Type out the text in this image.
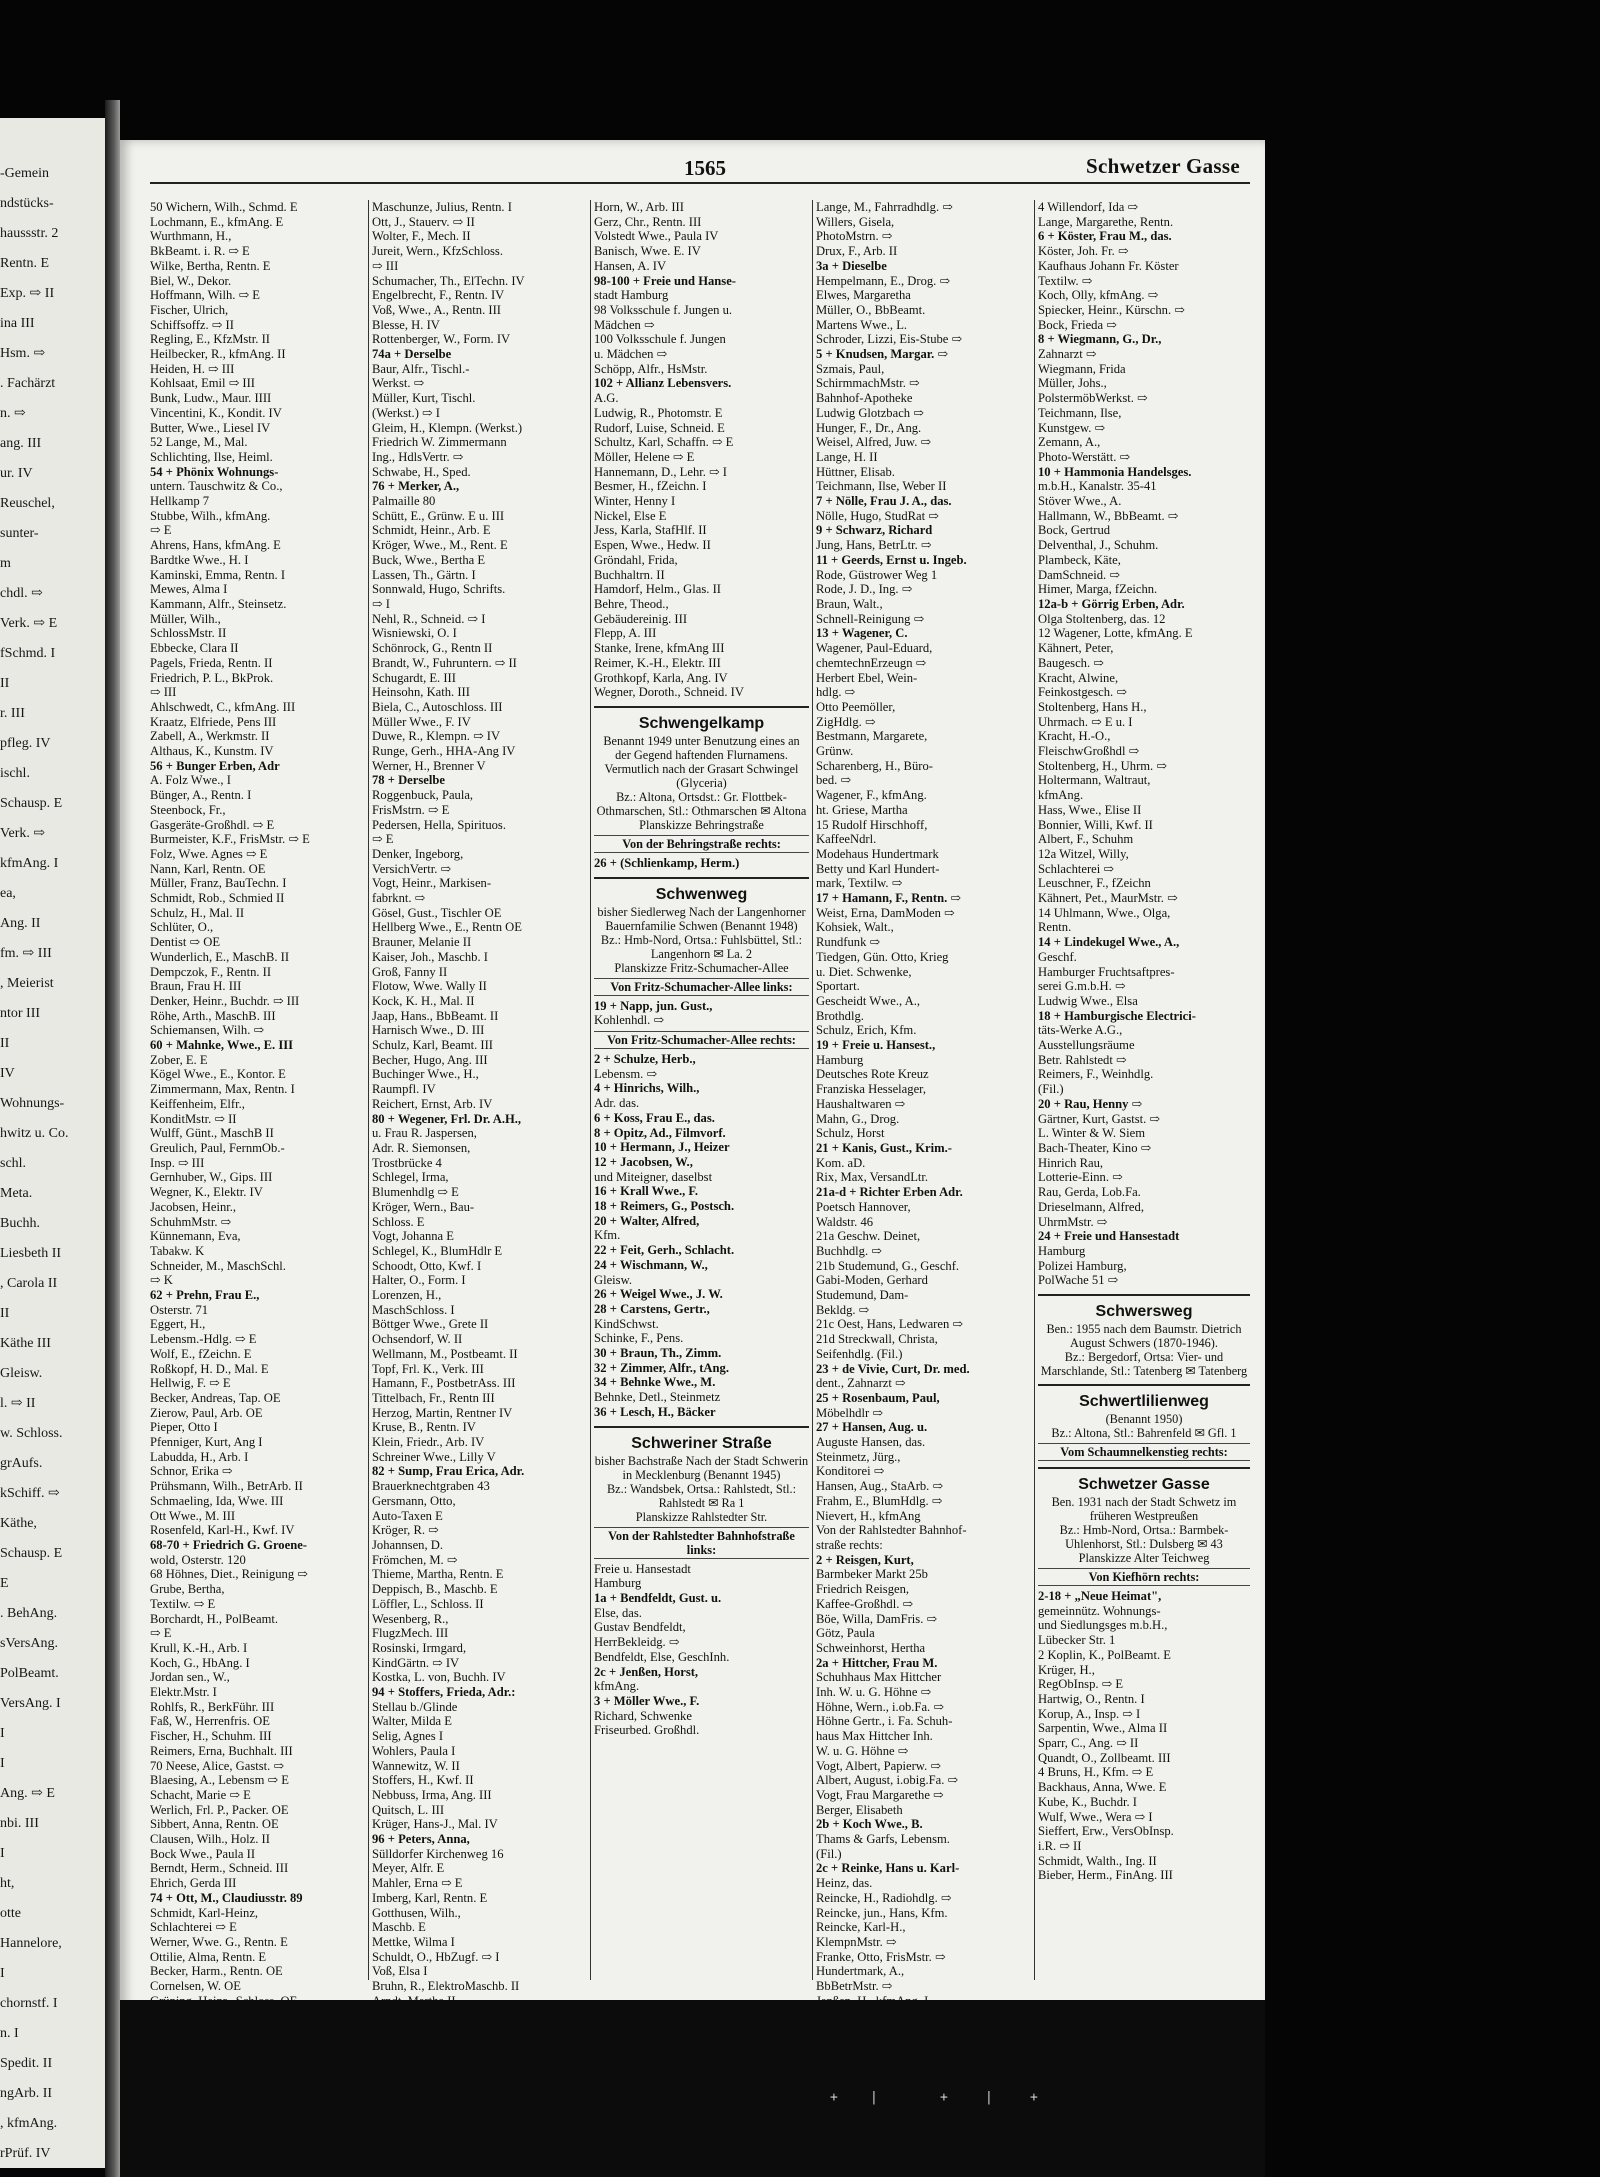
-Gemein
ndstücks-
haussstr. 2
Rentn. E
Exp. ⇨ II
ina III
Hsm. ⇨
. Fachärzt
n. ⇨
ang. III
ur. IV
Reuschel,
sunter-
m
chdl. ⇨
Verk. ⇨ E
fSchmd. I
II
r. III
pfleg. IV
ischl.
Schausp. E
Verk. ⇨
kfmAng. I
ea,
Ang. II
fm. ⇨ III
, Meierist
ntor III
II
IV
Wohnungs-
hwitz u. Co.
schl.
Meta.
Buchh.
Liesbeth II
, Carola II
II
Käthe III
Gleisw.
l. ⇨ II
w. Schloss.
grAufs.
kSchiff. ⇨
Käthe,
Schausp. E
E
. BehAng.
sVersAng.
PolBeamt.
VersAng. I
I
I
Ang. ⇨ E
nbi. III
I
ht,
otte
Hannelore,
I
chornstf. I
n. I
Spedit. II
ngArb. II
, kfmAng.
rPrüf. IV
1565	Schwetzer Gasse
50 Wichern, Wilh., Schmd. E
Lochmann, E., kfmAng. E
Wurthmann, H.,
BkBeamt. i. R. ⇨ E
Wilke, Bertha, Rentn. E
Biel, W., Dekor.
Hoffmann, Wilh. ⇨ E
Fischer, Ulrich,
Schiffsoffz. ⇨ II
Regling, E., KfzMstr. II
Heilbecker, R., kfmAng. II
Heiden, H. ⇨ III
Kohlsaat, Emil ⇨ III
Bunk, Ludw., Maur. IIII
Vincentini, K., Kondit. IV
Butter, Wwe., Liesel IV
52 Lange, M., Mal.
Schlichting, Ilse, Heiml.
54 + Phönix Wohnungs-
untern. Tauschwitz & Co.,
Hellkamp 7
Stubbe, Wilh., kfmAng.
⇨ E
Ahrens, Hans, kfmAng. E
Bardtke Wwe., H. I
Kaminski, Emma, Rentn. I
Mewes, Alma I
Kammann, Alfr., Steinsetz.
Müller, Wilh.,
SchlossMstr. II
Ebbecke, Clara II
Pagels, Frieda, Rentn. II
Friedrich, P. L., BkProk.
⇨ III
Ahlschwedt, C., kfmAng. III
Kraatz, Elfriede, Pens III
Zabell, A., Werkmstr. II
Althaus, K., Kunstm. IV
56 + Bunger Erben, Adr
A. Folz Wwe., I
Bünger, A., Rentn. I
Steenbock, Fr.,
Gasgeräte-Großhdl. ⇨ E
Burmeister, K.F., FrisMstr. ⇨ E
Folz, Wwe. Agnes ⇨ E
Nann, Karl, Rentn. OE
Müller, Franz, BauTechn. I
Schmidt, Rob., Schmied II
Schulz, H., Mal. II
Schlüter, O.,
Dentist ⇨ OE
Wunderlich, E., MaschB. II
Dempczok, F., Rentn. II
Braun, Frau H. III
Denker, Heinr., Buchdr. ⇨ III
Röhe, Arth., MaschB. III
Schiemansen, Wilh. ⇨
60 + Mahnke, Wwe., E. III
Zober, E. E
Kögel Wwe., E., Kontor. E
Zimmermann, Max, Rentn. I
Keiffenheim, Elfr.,
KonditMstr. ⇨ II
Wulff, Günt., MaschB II
Greulich, Paul, FernmOb.-
Insp. ⇨ III
Gernhuber, W., Gips. III
Wegner, K., Elektr. IV
Jacobsen, Heinr.,
SchuhmMstr. ⇨
Künnemann, Eva,
Tabakw. K
Schneider, M., MaschSchl.
⇨ K
62 + Prehn, Frau E.,
Osterstr. 71
Eggert, H.,
Lebensm.-Hdlg. ⇨ E
Wolf, E., fZeichn. E
Roßkopf, H. D., Mal. E
Hellwig, F. ⇨ E
Becker, Andreas, Tap. OE
Zierow, Paul, Arb. OE
Pieper, Otto I
Pfenniger, Kurt, Ang I
Labudda, H., Arb. I
Schnor, Erika ⇨
Prühsmann, Wilh., BetrArb. II
Schmaeling, Ida, Wwe. III
Ott Wwe., M. III
Rosenfeld, Karl-H., Kwf. IV
68-70 + Friedrich G. Groene-
wold, Osterstr. 120
68 Höhnes, Diet., Reinigung ⇨
Grube, Bertha,
Textilw. ⇨ E
Borchardt, H., PolBeamt.
⇨ E
Krull, K.-H., Arb. I
Koch, G., HbAng. I
Jordan sen., W.,
Elektr.Mstr. I
Rohlfs, R., BerkFühr. III
Faß, W., Herrenfris. OE
Fischer, H., Schuhm. III
Reimers, Erna, Buchhalt. III
70 Neese, Alice, Gastst. ⇨
Blaesing, A., Lebensm ⇨ E
Schacht, Marie ⇨ E
Werlich, Frl. P., Packer. OE
Sibbert, Anna, Rentn. OE
Clausen, Wilh., Holz. II
Bock Wwe., Paula II
Berndt, Herm., Schneid. III
Ehrich, Gerda III
74 + Ott, M., Claudiusstr. 89
Schmidt, Karl-Heinz,
Schlachterei ⇨ E
Werner, Wwe. G., Rentn. E
Ottilie, Alma, Rentn. E
Becker, Harm., Rentn. OE
Cornelsen, W. OE
Maschunze, Julius, Rentn. I
Ott, J., Stauerv. ⇨ II
Wolter, F., Mech. II
Jureit, Wern., KfzSchloss.
⇨ III
Schumacher, Th., ElTechn. IV
Engelbrecht, F., Rentn. IV
Voß, Wwe., A., Rentn. III
Blesse, H. IV
Rottenberger, W., Form. IV
74a + Derselbe
Baur, Alfr., Tischl.-
Werkst. ⇨
Müller, Kurt, Tischl.
(Werkst.) ⇨ I
Gleim, H., Klempn. (Werkst.)
Friedrich W. Zimmermann
Ing., HdlsVertr. ⇨
Schwabe, H., Sped.
76 + Merker, A.,
Palmaille 80
Schütt, E., Grünw. E u. III
Schmidt, Heinr., Arb. E
Kröger, Wwe., M., Rent. E
Buck, Wwe., Bertha E
Lassen, Th., Gärtn. I
Sonnwald, Hugo, Schrifts.
⇨ I
Nehl, R., Schneid. ⇨ I
Wisniewski, O. I
Schönrock, G., Rentn II
Brandt, W., Fuhruntern. ⇨ II
Schugardt, E. III
Heinsohn, Kath. III
Biela, C., Autoschloss. III
Müller Wwe., F. IV
Duwe, R., Klempn. ⇨ IV
Runge, Gerh., HHA-Ang IV
Werner, H., Brenner V
78 + Derselbe
Roggenbuck, Paula,
FrisMstrn. ⇨ E
Pedersen, Hella, Spirituos.
⇨ E
Denker, Ingeborg,
VersichVertr. ⇨
Vogt, Heinr., Markisen-
fabrknt. ⇨
Gösel, Gust., Tischler OE
Hellberg Wwe., E., Rentn OE
Brauner, Melanie II
Kaiser, Joh., Maschb. I
Groß, Fanny II
Flotow, Wwe. Wally II
Kock, K. H., Mal. II
Jaap, Hans., BbBeamt. II
Harnisch Wwe., D. III
Schulz, Karl, Beamt. III
Becher, Hugo, Ang. III
Buchinger Wwe., H.,
Raumpfl. IV
Reichert, Ernst, Arb. IV
80 + Wegener, Frl. Dr. A.H.,
u. Frau R. Jaspersen,
Adr. R. Siemonsen,
Trostbrücke 4
Schlegel, Irma,
Blumenhdlg ⇨ E
Kröger, Wern., Bau-
Schloss. E
Vogt, Johanna E
Schlegel, K., BlumHdlr E
Schoodt, Otto, Kwf. I
Halter, O., Form. I
Lorenzen, H.,
MaschSchloss. I
Böttger Wwe., Grete II
Ochsendorf, W. II
Wellmann, M., Postbeamt. II
Topf, Frl. K., Verk. III
Hamann, F., PostbetrAss. III
Tittelbach, Fr., Rentn III
Herzog, Martin, Rentner IV
Kruse, B., Rentn. IV
Klein, Friedr., Arb. IV
Schreiner Wwe., Lilly V
82 + Sump, Frau Erica, Adr.
Brauerknechtgraben 43
Gersmann, Otto,
Auto-Taxen E
Kröger, R. ⇨
Johannsen, D.
Frömchen, M. ⇨
Thieme, Martha, Rentn. E
Deppisch, B., Maschb. E
Löffler, L., Schloss. II
Wesenberg, R.,
FlugzMech. III
Rosinski, Irmgard,
KindGärtn. ⇨ IV
Kostka, L. von, Buchh. IV
94 + Stoffers, Frieda, Adr.:
Stellau b./Glinde
Walter, Milda E
Selig, Agnes I
Wohlers, Paula I
Wannewitz, W. II
Stoffers, H., Kwf. II
Nebbuss, Irma, Ang. III
Quitsch, L. III
Krüger, Hans-J., Mal. IV
96 + Peters, Anna,
Sülldorfer Kirchenweg 16
Meyer, Alfr. E
Mahler, Erna ⇨ E
Imberg, Karl, Rentn. E
Gotthusen, Wilh.,
Maschb. E
Mettke, Wilma I
Schuldt, O., HbZugf. ⇨ I
Voß, Elsa I
Bruhn, R., ElektroMaschb. II
Horn, W., Arb. III
Gerz, Chr., Rentn. III
Volstedt Wwe., Paula IV
Banisch, Wwe. E. IV
Hansen, A. IV
98-100 + Freie und Hanse-
stadt Hamburg
98 Volksschule f. Jungen u.
Mädchen ⇨
100 Volksschule f. Jungen
u. Mädchen ⇨
Schöpp, Alfr., HsMstr.
102 + Allianz Lebensvers.
A.G.
Ludwig, R., Photomstr. E
Rudorf, Luise, Schneid. E
Schultz, Karl, Schaffn. ⇨ E
Möller, Helene ⇨ E
Hannemann, D., Lehr. ⇨ I
Besmer, H., fZeichn. I
Winter, Henny I
Nickel, Else E
Jess, Karla, StafHlf. II
Espen, Wwe., Hedw. II
Gröndahl, Frida,
Buchhaltrn. II
Hamdorf, Helm., Glas. II
Behre, Theod.,
Gebäudereinig. III
Flepp, A. III
Stanke, Irene, kfmAng III
Reimer, K.-H., Elektr. III
Grothkopf, Karla, Ang. IV
Wegner, Doroth., Schneid. IV
Schwengelkamp
Benannt 1949 unter Benutzung eines an der Gegend haftenden Flurnamens. Vermutlich nach der Grasart Schwingel (Glyceria)
Bz.: Altona, Ortsdst.: Gr. Flottbek-Othmarschen, Stl.: Othmarschen ✉ Altona
Planskizze Behringstraße
Von der Behringstraße rechts:
26 + (Schlienkamp, Herm.)
Schwenweg
bisher Siedlerweg Nach der Langenhorner Bauernfamilie Schwen (Benannt 1948)
Bz.: Hmb-Nord, Ortsa.: Fuhlsbüttel, Stl.: Langenhorn ✉ La. 2
Planskizze Fritz-Schumacher-Allee
Von Fritz-Schumacher-Allee links:
19 + Napp, jun. Gust.,
Kohlenhdl. ⇨
Von Fritz-Schumacher-Allee rechts:
2 + Schulze, Herb.,
Lebensm. ⇨
4 + Hinrichs, Wilh.,
Adr. das.
6 + Koss, Frau E., das.
8 + Opitz, Ad., Filmvorf.
10 + Hermann, J., Heizer
12 + Jacobsen, W.,
und Miteigner, daselbst
16 + Krall Wwe., F.
18 + Reimers, G., Postsch.
20 + Walter, Alfred,
Kfm.
22 + Feit, Gerh., Schlacht.
24 + Wischmann, W.,
Gleisw.
26 + Weigel Wwe., J. W.
28 + Carstens, Gertr.,
KindSchwst.
Schinke, F., Pens.
30 + Braun, Th., Zimm.
32 + Zimmer, Alfr., tAng.
34 + Behnke Wwe., M.
Behnke, Detl., Steinmetz
36 + Lesch, H., Bäcker
Schweriner Straße
bisher Bachstraße Nach der Stadt Schwerin in Mecklenburg (Benannt 1945)
Bz.: Wandsbek, Ortsa.: Rahlstedt, Stl.: Rahlstedt ✉ Ra 1
Planskizze Rahlstedter Str.
Von der Rahlstedter Bahnhofstraße links:
Freie u. Hansestadt
Hamburg
1a + Bendfeldt, Gust. u.
Else, das.
Gustav Bendfeldt,
HerrBekleidg. ⇨
Bendfeldt, Else, GeschInh.
2c + Jenßen, Horst,
kfmAng.
3 + Möller Wwe., F.
Richard, Schwenke
Friseurbed. Großhdl.
Lange, M., Fahrradhdlg. ⇨
Willers, Gisela,
PhotoMstrn. ⇨
Drux, F., Arb. II
3a + Dieselbe
Hempelmann, E., Drog. ⇨
Elwes, Margaretha
Müller, O., BbBeamt.
Martens Wwe., L.
Schroder, Lizzi, Eis-Stube ⇨
5 + Knudsen, Margar. ⇨
Szmais, Paul,
SchirmmachMstr. ⇨
Bahnhof-Apotheke
Ludwig Glotzbach ⇨
Hunger, F., Dr., Ang.
Weisel, Alfred, Juw. ⇨
Lange, H. II
Hüttner, Elisab.
Teichmann, Ilse, Weber II
7 + Nölle, Frau J. A., das.
Nölle, Hugo, StudRat ⇨
9 + Schwarz, Richard
Jung, Hans, BetrLtr. ⇨
11 + Geerds, Ernst u. Ingeb.
Rode, Güstrower Weg 1
Rode, J. D., Ing. ⇨
Braun, Walt.,
Schnell-Reinigung ⇨
13 + Wagener, C.
Wagener, Paul-Eduard,
chemtechnErzeugn ⇨
Herbert Ebel, Wein-
hdlg. ⇨
Otto Peemöller,
ZigHdlg. ⇨
Bestmann, Margarete,
Grünw.
Scharenberg, H., Büro-
bed. ⇨
Wagener, F., kfmAng.
ht. Griese, Martha
15 Rudolf Hirschhoff,
KaffeeNdrl.
Modehaus Hundertmark
Betty und Karl Hundert-
mark, Textilw. ⇨
17 + Hamann, F., Rentn. ⇨
Weist, Erna, DamModen ⇨
Kohsiek, Walt.,
Rundfunk ⇨
Tiedgen, Gün. Otto, Krieg
u. Diet. Schwenke,
Sportart.
Gescheidt Wwe., A.,
Brothdlg.
Schulz, Erich, Kfm.
19 + Freie u. Hansest.,
Hamburg
Deutsches Rote Kreuz
Franziska Hesselager,
Haushaltwaren ⇨
Mahn, G., Drog.
Schulz, Horst
21 + Kanis, Gust., Krim.-
Kom. aD.
Rix, Max, VersandLtr.
21a-d + Richter Erben Adr.
Poetsch Hannover,
Waldstr. 46
21a Geschw. Deinet,
Buchhdlg. ⇨
21b Studemund, G., Geschf.
Gabi-Moden, Gerhard
Studemund, Dam-
Bekldg. ⇨
21c Oest, Hans, Ledwaren ⇨
21d Streckwall, Christa,
Seifenhdlg. (Fil.)
23 + de Vivie, Curt, Dr. med.
dent., Zahnarzt ⇨
25 + Rosenbaum, Paul,
Möbelhdlr ⇨
27 + Hansen, Aug. u.
Auguste Hansen, das.
Steinmetz, Jürg.,
Konditorei ⇨
Hansen, Aug., StaArb. ⇨
Frahm, E., BlumHdlg. ⇨
Nievert, H., kfmAng
Von der Rahlstedter Bahnhof-
straße rechts:
2 + Reisgen, Kurt,
Barmbeker Markt 25b
Friedrich Reisgen,
Kaffee-Großhdl. ⇨
Böe, Willa, DamFris. ⇨
Götz, Paula
Schweinhorst, Hertha
2a + Hittcher, Frau M.
Schuhhaus Max Hittcher
Inh. W. u. G. Höhne ⇨
Höhne, Wern., i.ob.Fa. ⇨
Höhne Gertr., i. Fa. Schuh-
haus Max Hittcher Inh.
W. u. G. Höhne ⇨
Vogt, Albert, Papierw. ⇨
Albert, August, i.obig.Fa. ⇨
Vogt, Frau Margarethe ⇨
Berger, Elisabeth
2b + Koch Wwe., B.
Thams & Garfs, Lebensm.
(Fil.)
2c + Reinke, Hans u. Karl-
Heinz, das.
Reincke, H., Radiohdlg. ⇨
Reincke, jun., Hans, Kfm.
Reincke, Karl-H.,
KlempnMstr. ⇨
Franke, Otto, FrisMstr. ⇨
Hundertmark, A.,
BbBetrMstr. ⇨
4 Willendorf, Ida ⇨
Lange, Margarethe, Rentn.
6 + Köster, Frau M., das.
Köster, Joh. Fr. ⇨
Kaufhaus Johann Fr. Köster
Textilw. ⇨
Koch, Olly, kfmAng. ⇨
Spiecker, Heinr., Kürschn. ⇨
Bock, Frieda ⇨
8 + Wiegmann, G., Dr.,
Zahnarzt ⇨
Wiegmann, Frida
Müller, Johs.,
PolstermöbWerkst. ⇨
Teichmann, Ilse,
Kunstgew. ⇨
Zemann, A.,
Photo-Werstätt. ⇨
10 + Hammonia Handelsges.
m.b.H., Kanalstr. 35-41
Stöver Wwe., A.
Hallmann, W., BbBeamt. ⇨
Bock, Gertrud
Delventhal, J., Schuhm.
Plambeck, Käte,
DamSchneid. ⇨
Himer, Marga, fZeichn.
12a-b + Görrig Erben, Adr.
Olga Stoltenberg, das. 12
12 Wagener, Lotte, kfmAng. E
Kähnert, Peter,
Baugesch. ⇨
Kracht, Alwine,
Feinkostgesch. ⇨
Stoltenberg, Hans H.,
Uhrmach. ⇨ E u. I
Kracht, H.-O.,
FleischwGroßhdl ⇨
Stoltenberg, H., Uhrm. ⇨
Holtermann, Waltraut,
kfmAng.
Hass, Wwe., Elise II
Bonnier, Willi, Kwf. II
Albert, F., Schuhm
12a Witzel, Willy,
Schlachterei ⇨
Leuschner, F., fZeichn
Kähnert, Pet., MaurMstr. ⇨
14 Uhlmann, Wwe., Olga,
Rentn.
14 + Lindekugel Wwe., A.,
Geschf.
Hamburger Fruchtsaftpres-
serei G.m.b.H. ⇨
Ludwig Wwe., Elsa
18 + Hamburgische Electrici-
täts-Werke A.G.,
Ausstellungsräume
Betr. Rahlstedt ⇨
Reimers, F., Weinhdlg.
(Fil.)
20 + Rau, Henny ⇨
Gärtner, Kurt, Gastst. ⇨
L. Winter & W. Siem
Bach-Theater, Kino ⇨
Hinrich Rau,
Lotterie-Einn. ⇨
Rau, Gerda, Lob.Fa.
Drieselmann, Alfred,
UhrmMstr. ⇨
24 + Freie und Hansestadt
Hamburg
Polizei Hamburg,
PolWache 51 ⇨
Schwersweg
Ben.: 1955 nach dem Baumstr. Dietrich August Schwers (1870-1946).
Bz.: Bergedorf, Ortsa: Vier- und Marschlande, Stl.: Tatenberg ✉ Tatenberg
Schwertlilienweg
(Benannt 1950)
Bz.: Altona, Stl.: Bahrenfeld ✉ Gfl. 1
Vom Schaumnelkenstieg rechts:
Schwetzer Gasse
Ben. 1931 nach der Stadt Schwetz im früheren Westpreußen
Bz.: Hmb-Nord, Ortsa.: Barmbek-Uhlenhorst, Stl.: Dulsberg ✉ 43
Planskizze Alter Teichweg
Von Kiefhörn rechts:
2-18 + „Neue Heimat",
gemeinnütz. Wohnungs-
und Siedlungsges m.b.H.,
Lübecker Str. 1
2 Koplin, K., PolBeamt. E
Krüger, H.,
RegObInsp. ⇨ E
Hartwig, O., Rentn. I
Korup, A., Insp. ⇨ I
Sarpentin, Wwe., Alma II
Sparr, C., Ang. ⇨ II
Quandt, O., Zollbeamt. III
4 Bruns, H., Kfm. ⇨ E
Backhaus, Anna, Wwe. E
Kube, K., Buchdr. I
Wulf, Wwe., Wera ⇨ I
Sieffert, Erw., VersObInsp.
i.R. ⇨ II
Schmidt, Walth., Ing. II
Bieber, Herm., FinAng. III
+ |	+	|	+
